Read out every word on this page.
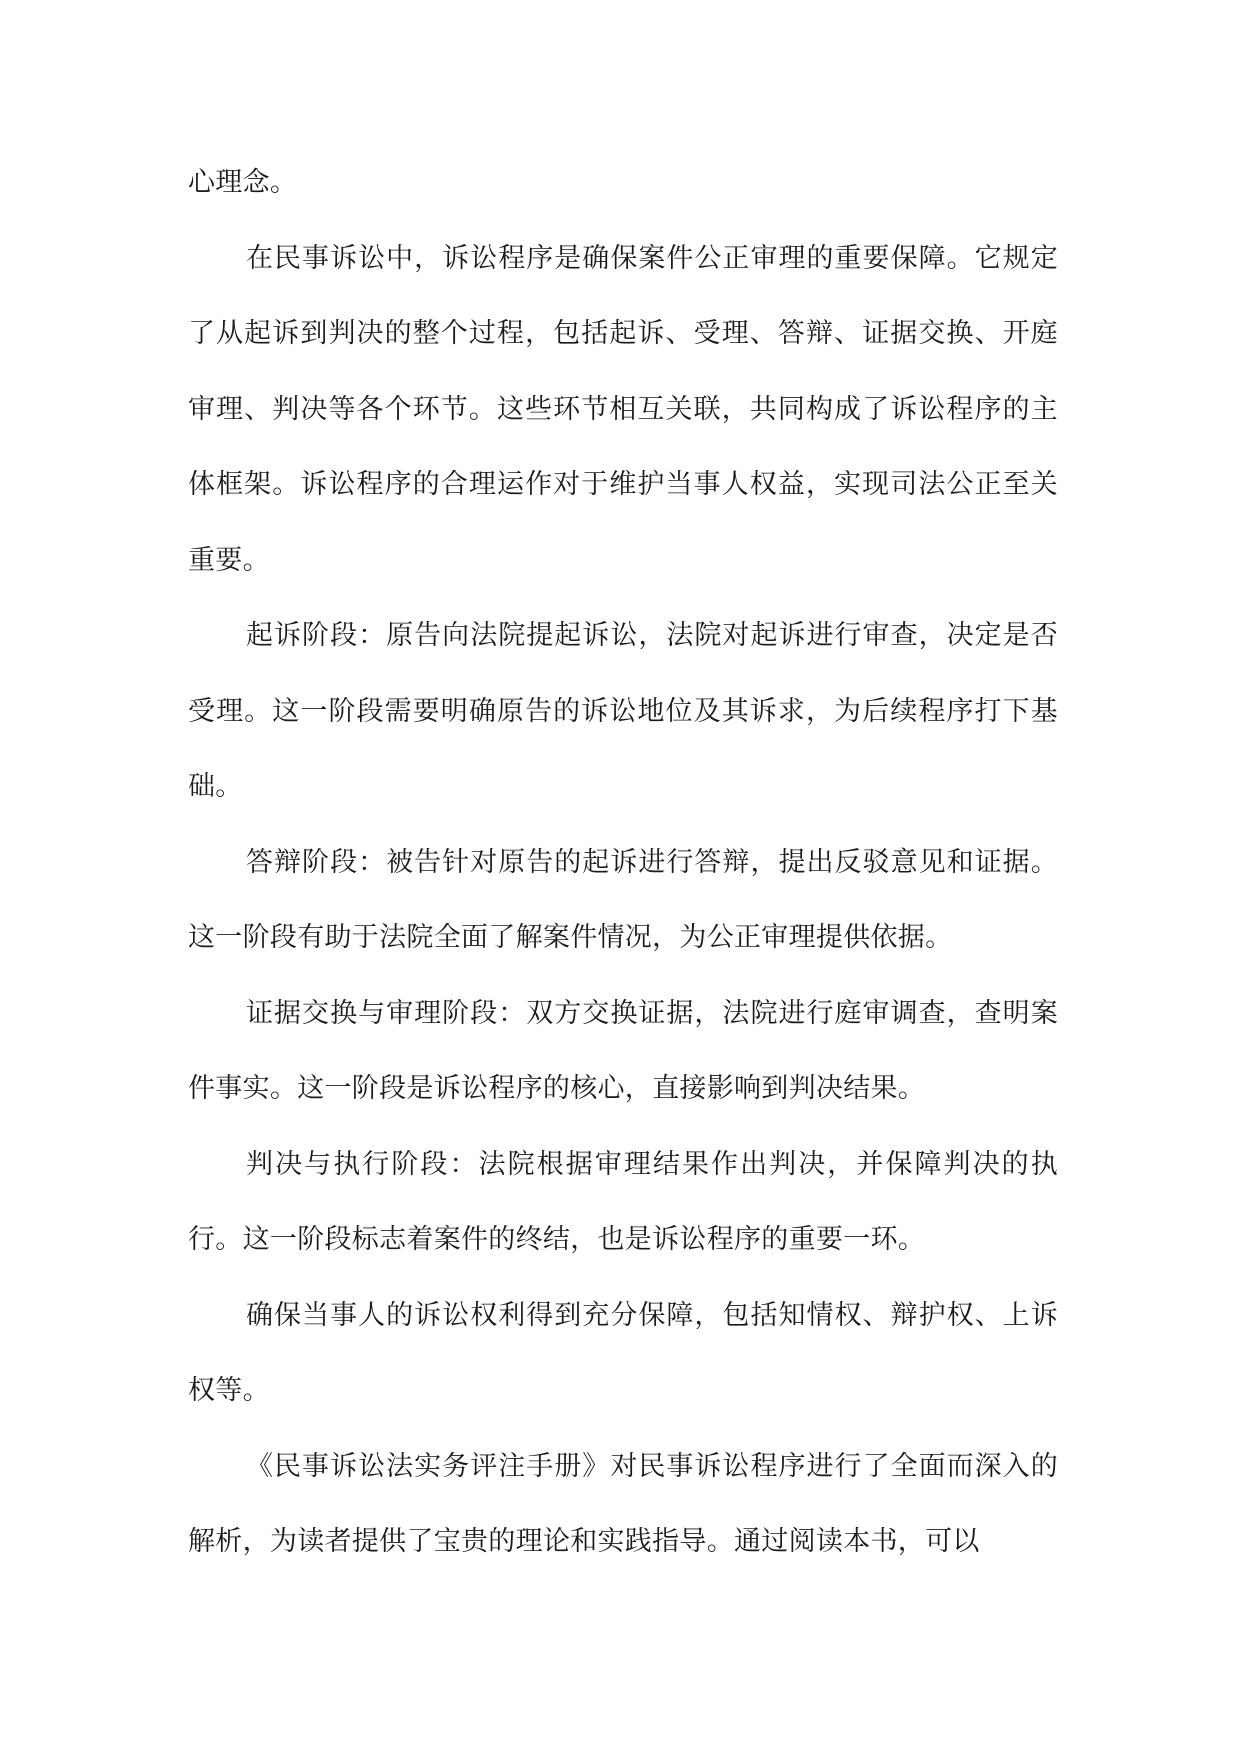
心理念。

在民事诉讼中，诉讼程序是确保案件公正审理的重要保障。它规定了从起诉到判决的整个过程，包括起诉、受理、答辩、证据交换、开庭审理、判决等各个环节。这些环节相互关联，共同构成了诉讼程序的主体框架。诉讼程序的合理运作对于维护当事人权益，实现司法公正至关重要。

起诉阶段：原告向法院提起诉讼，法院对起诉进行审查，决定是否受理。这一阶段需要明确原告的诉讼地位及其诉求，为后续程序打下基础。

答辩阶段：被告针对原告的起诉进行答辩，提出反驳意见和证据。这一阶段有助于法院全面了解案件情况，为公正审理提供依据。

证据交换与审理阶段：双方交换证据，法院进行庭审调查，查明案件事实。这一阶段是诉讼程序的核心，直接影响到判决结果。

判决与执行阶段：法院根据审理结果作出判决，并保障判决的执行。这一阶段标志着案件的终结，也是诉讼程序的重要一环。

确保当事人的诉讼权利得到充分保障，包括知情权、辩护权、上诉权等。

《民事诉讼法实务评注手册》对民事诉讼程序进行了全面而深入的解析，为读者提供了宝贵的理论和实践指导。通过阅读本书，可以
